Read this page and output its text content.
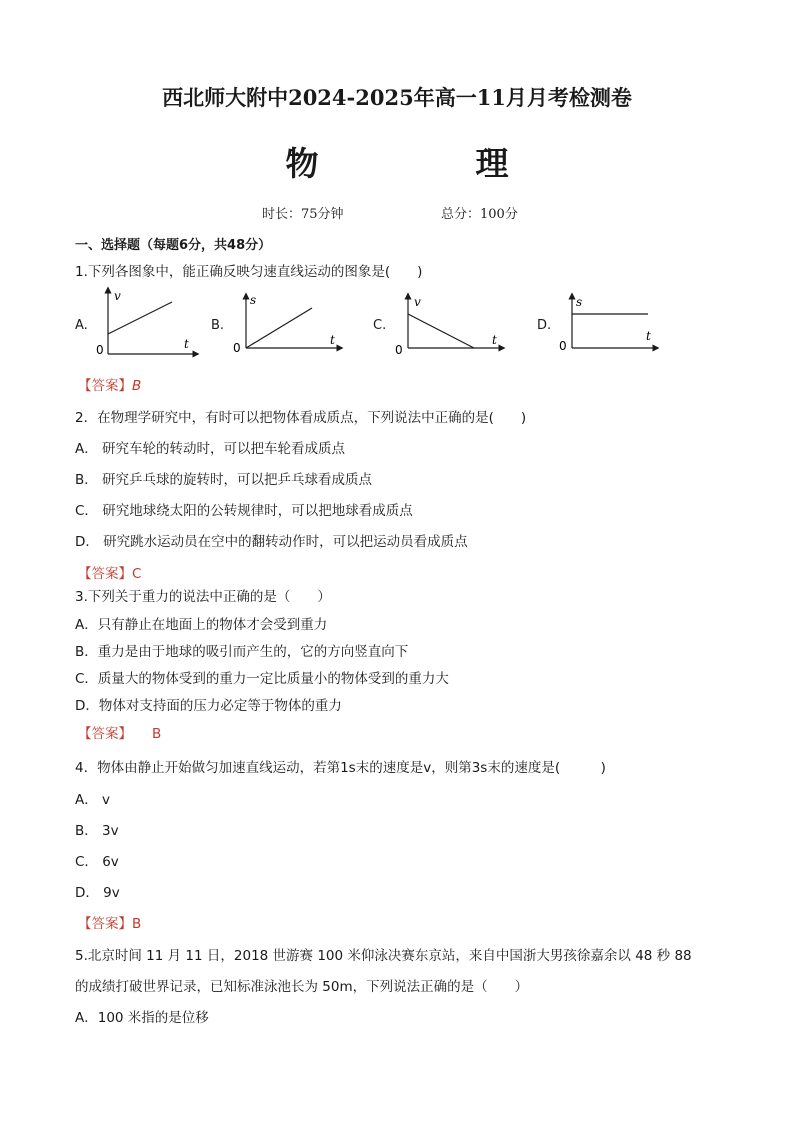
西北师大附中2024-2025年高一11月月考检测卷
物　理
时长：75分钟	总分：100分
一、选择题（每题6分，共48分）
1.下列各图象中，能正确反映匀速直线运动的图象是(　　)
A.
v
t
0
B.
s
t
0
C.
v
t
0
D.
s
t
0
【答案】B
2．在物理学研究中，有时可以把物体看成质点，下列说法中正确的是(　　)
A． 研究车轮的转动时，可以把车轮看成质点
B． 研究乒乓球的旋转时，可以把乒乓球看成质点
C． 研究地球绕太阳的公转规律时，可以把地球看成质点
D． 研究跳水运动员在空中的翻转动作时，可以把运动员看成质点
【答案】C
3.下列关于重力的说法中正确的是（　　）
A．只有静止在地面上的物体才会受到重力
B．重力是由于地球的吸引而产生的，它的方向竖直向下
C．质量大的物体受到的重力一定比质量小的物体受到的重力大
D．物体对支持面的压力必定等于物体的重力
【答案】 B
4．物体由静止开始做匀加速直线运动，若第1s末的速度是v，则第3s末的速度是(　　　)
A． v
B． 3v
C． 6v
D． 9v
【答案】B
5.北京时间 11 月 11 日，2018 世游赛 100 米仰泳决赛东京站，来自中国浙大男孩徐嘉余以 48 秒 88
的成绩打破世界记录，已知标准泳池长为 50m，下列说法正确的是（　　）
A．100 米指的是位移
